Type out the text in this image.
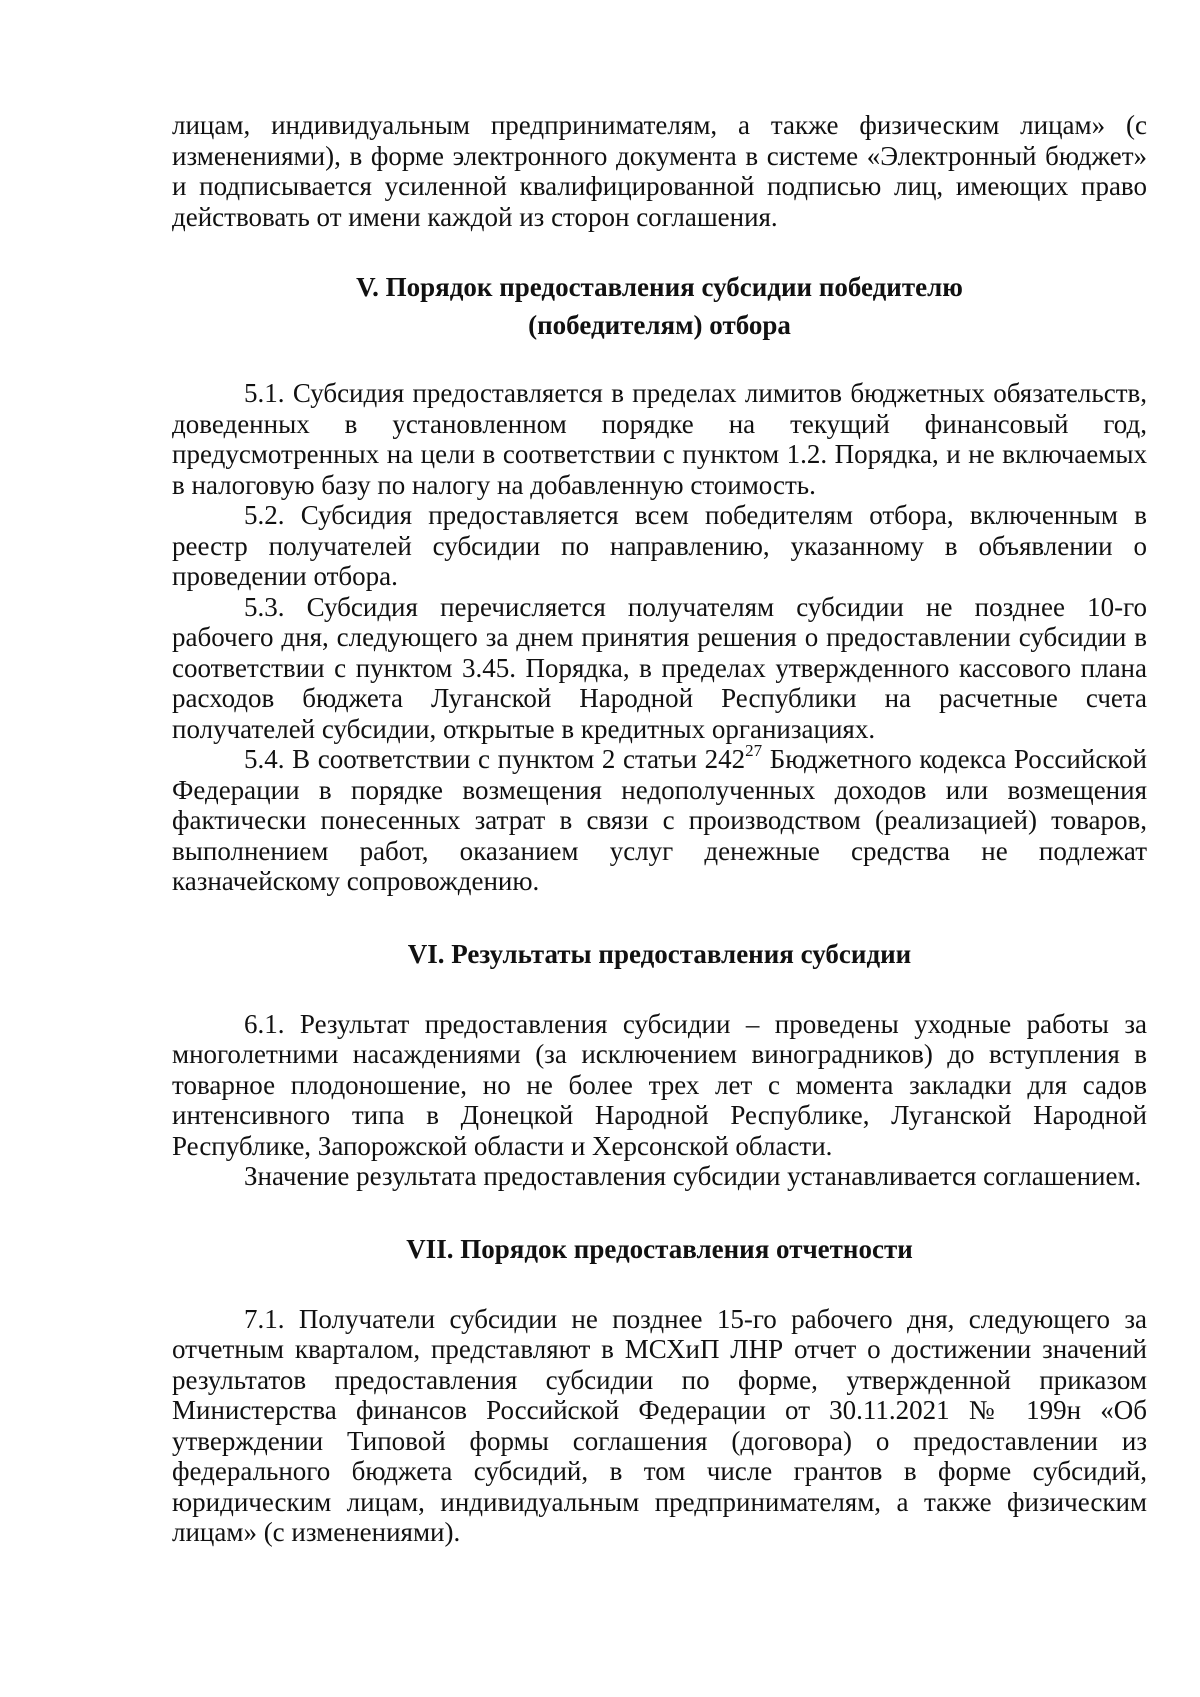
лицам, индивидуальным предпринимателям, а также физическим лицам» (с изменениями), в форме электронного документа в системе «Электронный бюджет» и подписывается усиленной квалифицированной подписью лиц, имеющих право действовать от имени каждой из сторон соглашения.

V. Порядок предоставления субсидии победителю
(победителям) отбора

5.1. Субсидия предоставляется в пределах лимитов бюджетных обязательств, доведенных в установленном порядке на текущий финансовый год, предусмотренных на цели в соответствии с пунктом 1.2. Порядка, и не включаемых в налоговую базу по налогу на добавленную стоимость.

5.2. Субсидия предоставляется всем победителям отбора, включенным в реестр получателей субсидии по направлению, указанному в объявлении о проведении отбора.

5.3. Субсидия перечисляется получателям субсидии не позднее 10-го рабочего дня, следующего за днем принятия решения о предоставлении субсидии в соответствии с пунктом 3.45. Порядка, в пределах утвержденного кассового плана расходов бюджета Луганской Народной Республики на расчетные счета получателей субсидии, открытые в кредитных организациях.

5.4. В соответствии с пунктом 2 статьи $242^{27}$ Бюджетного кодекса Российской Федерации в порядке возмещения недополученных доходов или возмещения фактически понесенных затрат в связи с производством (реализацией) товаров, выполнением работ, оказанием услуг денежные средства не подлежат казначейскому сопровождению.

VI. Результаты предоставления субсидии

6.1. Результат предоставления субсидии – проведены уходные работы за многолетними насаждениями (за исключением виноградников) до вступления в товарное плодоношение, но не более трех лет с момента закладки для садов интенсивного типа в Донецкой Народной Республике, Луганской Народной Республике, Запорожской области и Херсонской области.

Значение результата предоставления субсидии устанавливается соглашением.

VII. Порядок предоставления отчетности

7.1. Получатели субсидии не позднее 15-го рабочего дня, следующего за отчетным кварталом, представляют в МСХиП ЛНР отчет о достижении значений результатов предоставления субсидии по форме, утвержденной приказом Министерства финансов Российской Федерации от 30.11.2021 № 199н «Об утверждении Типовой формы соглашения (договора) о предоставлении из федерального бюджета субсидий, в том числе грантов в форме субсидий, юридическим лицам, индивидуальным предпринимателям, а также физическим лицам» (с изменениями).
